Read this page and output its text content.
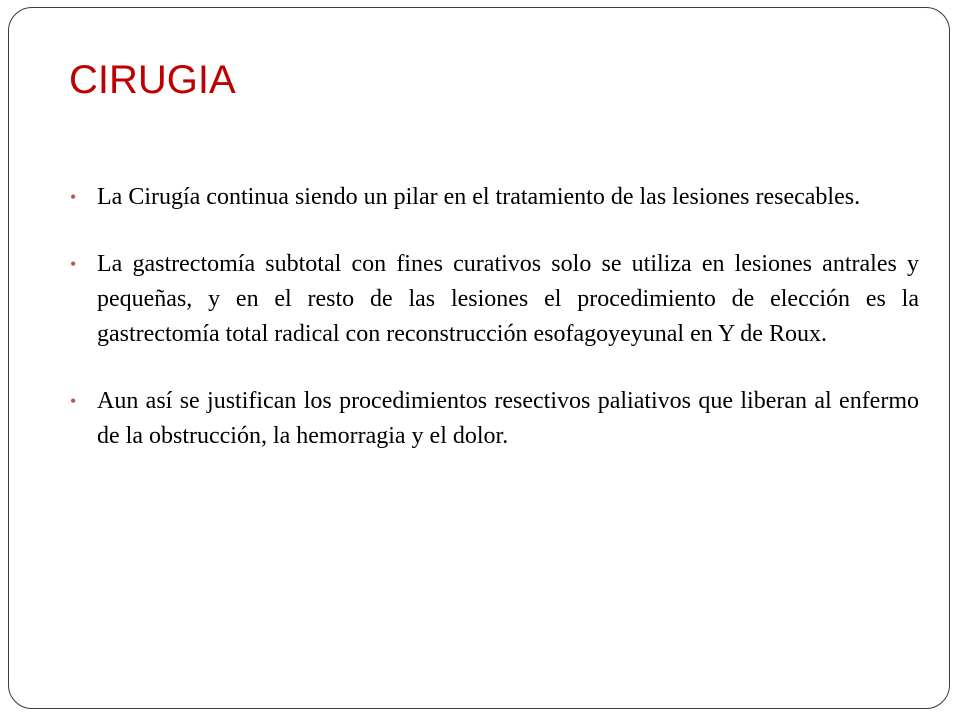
CIRUGIA
• La Cirugía continua siendo un pilar en el tratamiento de las lesiones resecables.
• La gastrectomía subtotal con fines curativos solo se utiliza en lesiones antrales y pequeñas, y en el resto de las lesiones el procedimiento de elección es la gastrectomía total radical con reconstrucción esofagoyeyunal en Y de Roux.
• Aun así se justifican los procedimientos resectivos paliativos que liberan al enfermo de la obstrucción, la hemorragia y el dolor.
